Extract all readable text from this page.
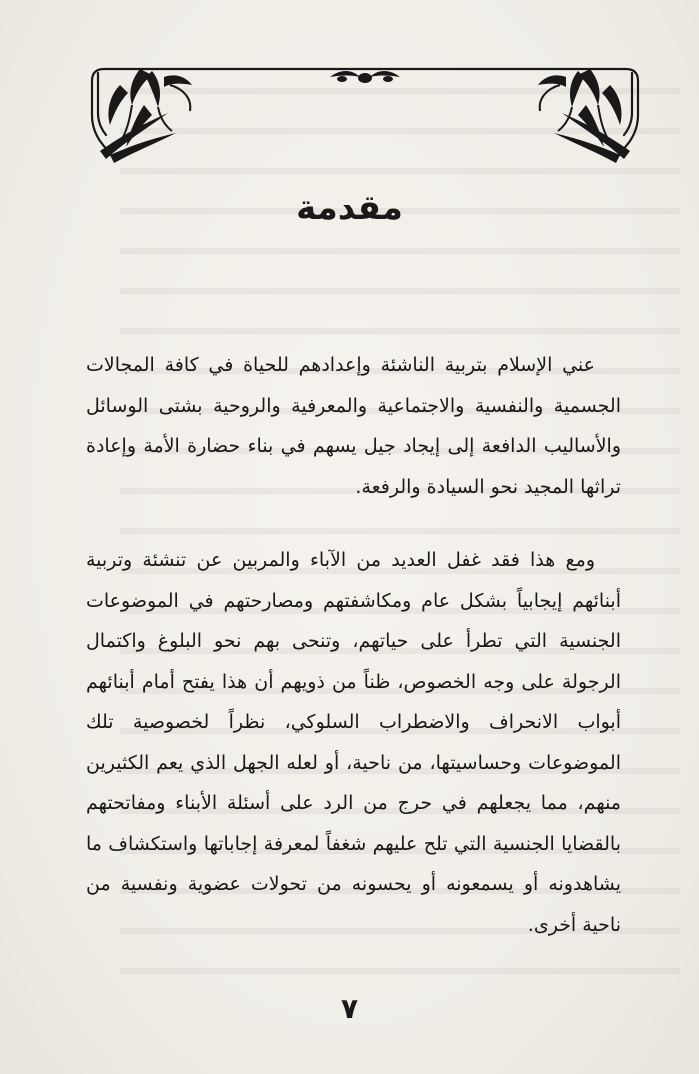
مقدمة

عني الإسلام بتربية الناشئة وإعدادهم للحياة في كافة المجالات الجسمية والنفسية والاجتماعية والمعرفية والروحية بشتى الوسائل والأساليب الدافعة إلى إيجاد جيل يسهم في بناء حضارة الأمة وإعادة تراثها المجيد نحو السيادة والرفعة.

ومع هذا فقد غفل العديد من الآباء والمربين عن تنشئة وتربية أبنائهم إيجابياً بشكل عام ومكاشفتهم ومصارحتهم في الموضوعات الجنسية التي تطرأ على حياتهم، وتنحى بهم نحو البلوغ واكتمال الرجولة على وجه الخصوص، ظناً من ذويهم أن هذا يفتح أمام أبنائهم أبواب الانحراف والاضطراب السلوكي، نظراً لخصوصية تلك الموضوعات وحساسيتها، من ناحية، أو لعله الجهل الذي يعم الكثيرين منهم، مما يجعلهم في حرج من الرد على أسئلة الأبناء ومفاتحتهم بالقضايا الجنسية التي تلح عليهم شغفاً لمعرفة إجاباتها واستكشاف ما يشاهدونه أو يسمعونه أو يحسونه من تحولات عضوية ونفسية من ناحية أخرى.

٧
